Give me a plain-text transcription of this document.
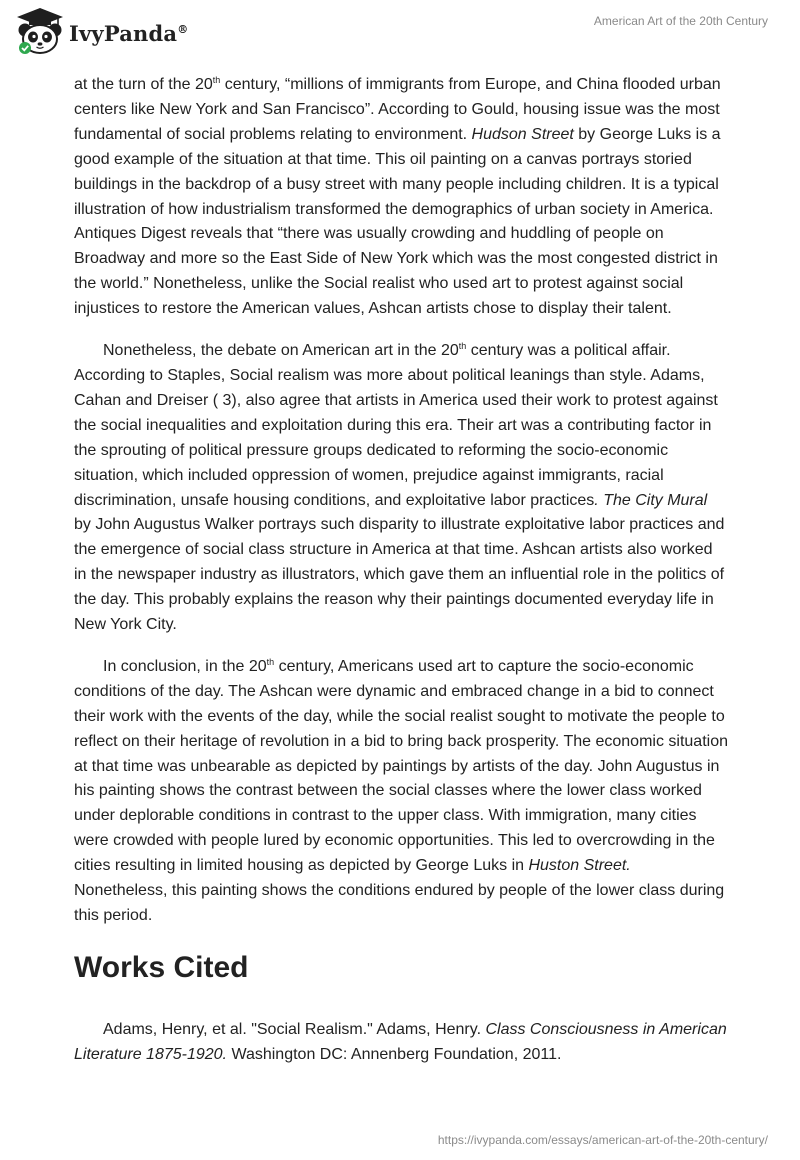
IvyPanda®
American Art of the 20th Century

at the turn of the 20th century, “millions of immigrants from Europe, and China flooded urban centers like New York and San Francisco”. According to Gould, housing issue was the most fundamental of social problems relating to environment. Hudson Street by George Luks is a good example of the situation at that time. This oil painting on a canvas portrays storied buildings in the backdrop of a busy street with many people including children. It is a typical illustration of how industrialism transformed the demographics of urban society in America. Antiques Digest reveals that “there was usually crowding and huddling of people on Broadway and more so the East Side of New York which was the most congested district in the world.” Nonetheless, unlike the Social realist who used art to protest against social injustices to restore the American values, Ashcan artists chose to display their talent.

Nonetheless, the debate on American art in the 20th century was a political affair. According to Staples, Social realism was more about political leanings than style. Adams, Cahan and Dreiser ( 3), also agree that artists in America used their work to protest against the social inequalities and exploitation during this era. Their art was a contributing factor in the sprouting of political pressure groups dedicated to reforming the socio-economic situation, which included oppression of women, prejudice against immigrants, racial discrimination, unsafe housing conditions, and exploitative labor practices. The City Mural by John Augustus Walker portrays such disparity to illustrate exploitative labor practices and the emergence of social class structure in America at that time. Ashcan artists also worked in the newspaper industry as illustrators, which gave them an influential role in the politics of the day. This probably explains the reason why their paintings documented everyday life in New York City.

In conclusion, in the 20th century, Americans used art to capture the socio-economic conditions of the day. The Ashcan were dynamic and embraced change in a bid to connect their work with the events of the day, while the social realist sought to motivate the people to reflect on their heritage of revolution in a bid to bring back prosperity. The economic situation at that time was unbearable as depicted by paintings by artists of the day. John Augustus in his painting shows the contrast between the social classes where the lower class worked under deplorable conditions in contrast to the upper class. With immigration, many cities were crowded with people lured by economic opportunities. This led to overcrowding in the cities resulting in limited housing as depicted by George Luks in Huston Street. Nonetheless, this painting shows the conditions endured by people of the lower class during this period.

Works Cited

Adams, Henry, et al. "Social Realism." Adams, Henry. Class Consciousness in American Literature 1875-1920. Washington DC: Annenberg Foundation, 2011.

https://ivypanda.com/essays/american-art-of-the-20th-century/
